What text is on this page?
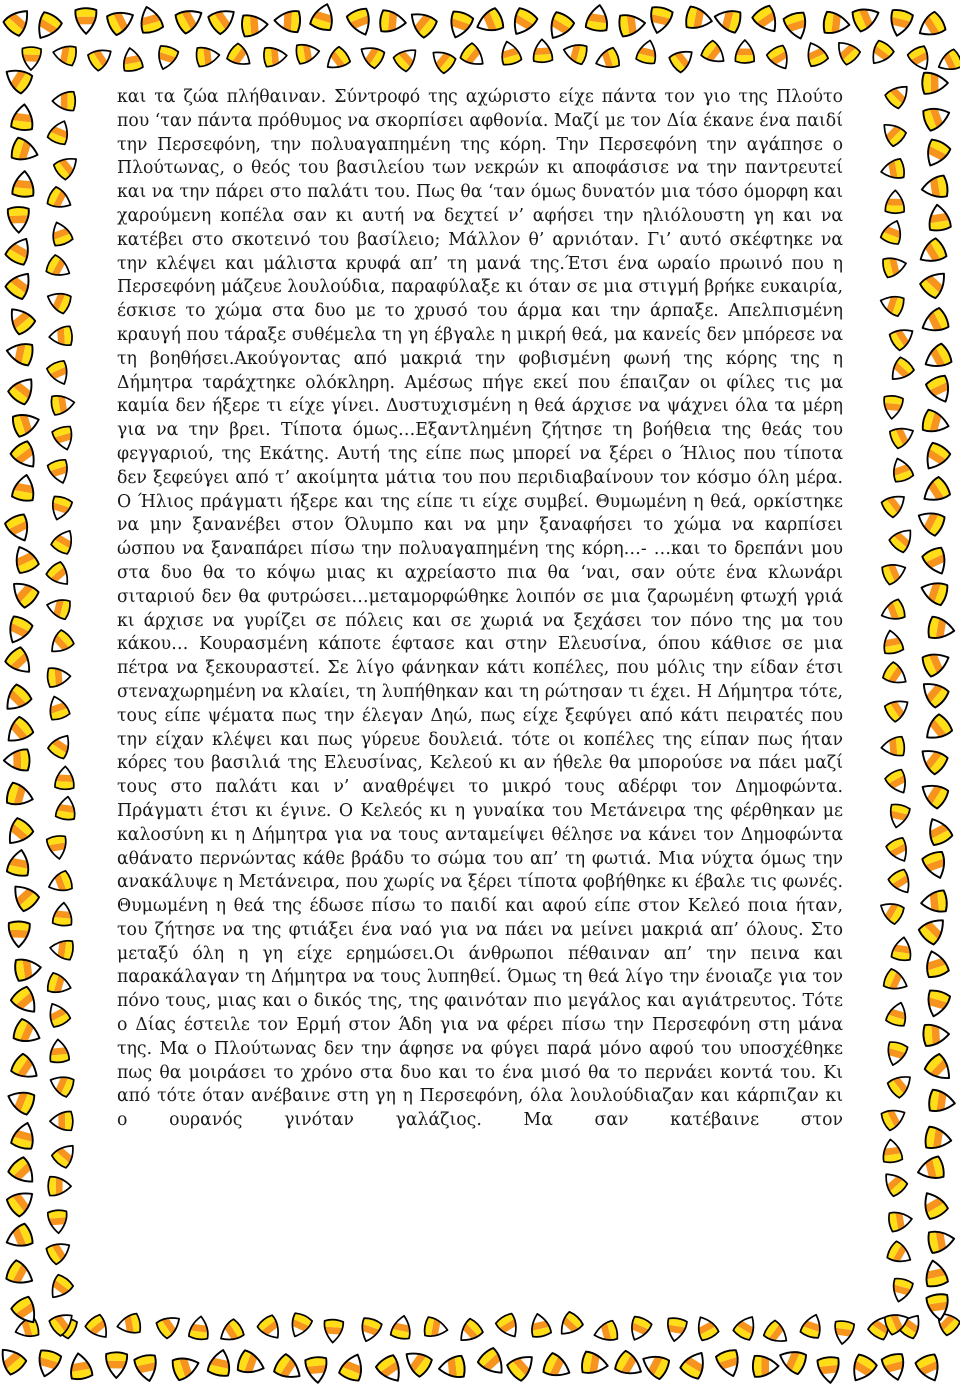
και τα ζώα πλήθαιναν. Σύντροφό της αχώριστο είχε πάντα τον γιο της Πλούτο που ‘ταν πάντα πρόθυμος να σκορπίσει αφθονία. Μαζί με τον Δία έκανε ένα παιδί την Περσεφόνη, την πολυαγαπημένη της κόρη. Την Περσεφόνη την αγάπησε ο Πλούτωνας, ο θεός του βασιλείου των νεκρών κι αποφάσισε να την παντρευτεί και να την πάρει στο παλάτι του. Πως θα ‘ταν όμως δυνατόν μια τόσο όμορφη και χαρούμενη κοπέλα σαν κι αυτή να δεχτεί ν’ αφήσει την ηλιόλουστη γη και να κατέβει στο σκοτεινό του βασίλειο; Μάλλον θ’ αρνιόταν. Γι’ αυτό σκέφτηκε να την κλέψει και μάλιστα κρυφά απ’ τη μανά της.Έτσι ένα ωραίο πρωινό που η Περσεφόνη μάζευε λουλούδια, παραφύλαξε κι όταν σε μια στιγμή βρήκε ευκαιρία, έσκισε το χώμα στα δυο με το χρυσό του άρμα και την άρπαξε. Απελπισμένη κραυγή που τάραξε συθέμελα τη γη έβγαλε η μικρή θεά, μα κανείς δεν μπόρεσε να τη βοηθήσει.Ακούγοντας από μακριά την φοβισμένη φωνή της κόρης της η Δήμητρα ταράχτηκε ολόκληρη. Αμέσως πήγε εκεί που έπαιζαν οι φίλες τις μα καμία δεν ήξερε τι είχε γίνει. Δυστυχισμένη η θεά άρχισε να ψάχνει όλα τα μέρη για να την βρει. Τίποτα όμως…Εξαντλημένη ζήτησε τη βοήθεια της θεάς του φεγγαριού, της Εκάτης. Αυτή της είπε πως μπορεί να ξέρει ο Ήλιος που τίποτα δεν ξεφεύγει από τ’ ακοίμητα μάτια του που περιδιαβαίνουν τον κόσμο όλη μέρα. Ο Ήλιος πράγματι ήξερε και της είπε τι είχε συμβεί. Θυμωμένη η θεά, ορκίστηκε να μην ξανανέβει στον Όλυμπο και να μην ξαναφήσει το χώμα να καρπίσει ώσπου να ξαναπάρει πίσω την πολυαγαπημένη της κόρη…- …και το δρεπάνι μου στα δυο θα το κόψω μιας κι αχρείαστο πια θα ‘ναι, σαν ούτε ένα κλωνάρι σιταριού δεν θα φυτρώσει…μεταμορφώθηκε λοιπόν σε μια ζαρωμένη φτωχή γριά κι άρχισε να γυρίζει σε πόλεις και σε χωριά να ξεχάσει τον πόνο της μα του κάκου… Κουρασμένη κάποτε έφτασε και στην Ελευσίνα, όπου κάθισε σε μια πέτρα να ξεκουραστεί. Σε λίγο φάνηκαν κάτι κοπέλες, που μόλις την είδαν έτσι στεναχωρημένη να κλαίει, τη λυπήθηκαν και τη ρώτησαν τι έχει. Η Δήμητρα τότε, τους είπε ψέματα πως την έλεγαν Δηώ, πως είχε ξεφύγει από κάτι πειρατές που την είχαν κλέψει και πως γύρευε δουλειά. τότε οι κοπέλες της είπαν πως ήταν κόρες του βασιλιά της Ελευσίνας, Κελεού κι αν ήθελε θα μπορούσε να πάει μαζί τους στο παλάτι και ν’ αναθρέψει το μικρό τους αδέρφι τον Δημοφώντα. Πράγματι έτσι κι έγινε. Ο Κελεός κι η γυναίκα του Μετάνειρα της φέρθηκαν με καλοσύνη κι η Δήμητρα για να τους ανταμείψει θέλησε να κάνει τον Δημοφώντα αθάνατο περνώντας κάθε βράδυ το σώμα του απ’ τη φωτιά. Μια νύχτα όμως την ανακάλυψε η Μετάνειρα, που χωρίς να ξέρει τίποτα φοβήθηκε κι έβαλε τις φωνές. Θυμωμένη η θεά της έδωσε πίσω το παιδί και αφού είπε στον Κελεό ποια ήταν, του ζήτησε να της φτιάξει ένα ναό για να πάει να μείνει μακριά απ’ όλους. Στο μεταξύ όλη η γη είχε ερημώσει.Οι άνθρωποι πέθαιναν απ’ την πεινα και παρακάλαγαν τη Δήμητρα να τους λυπηθεί. Όμως τη θεά λίγο την ένοιαζε για τον πόνο τους, μιας και ο δικός της, της φαινόταν πιο μεγάλος και αγιάτρευτος. Τότε ο Δίας έστειλε τον Ερμή στον Άδη για να φέρει πίσω την Περσεφόνη στη μάνα της. Μα ο Πλούτωνας δεν την άφησε να φύγει παρά μόνο αφού του υποσχέθηκε πως θα μοιράσει το χρόνο στα δυο και το ένα μισό θα το περνάει κοντά του. Κι από τότε όταν ανέβαινε στη γη η Περσεφόνη, όλα λουλούδιαζαν και κάρπιζαν κι ο ουρανός γινόταν γαλάζιος. Μα σαν κατέβαινε στον
